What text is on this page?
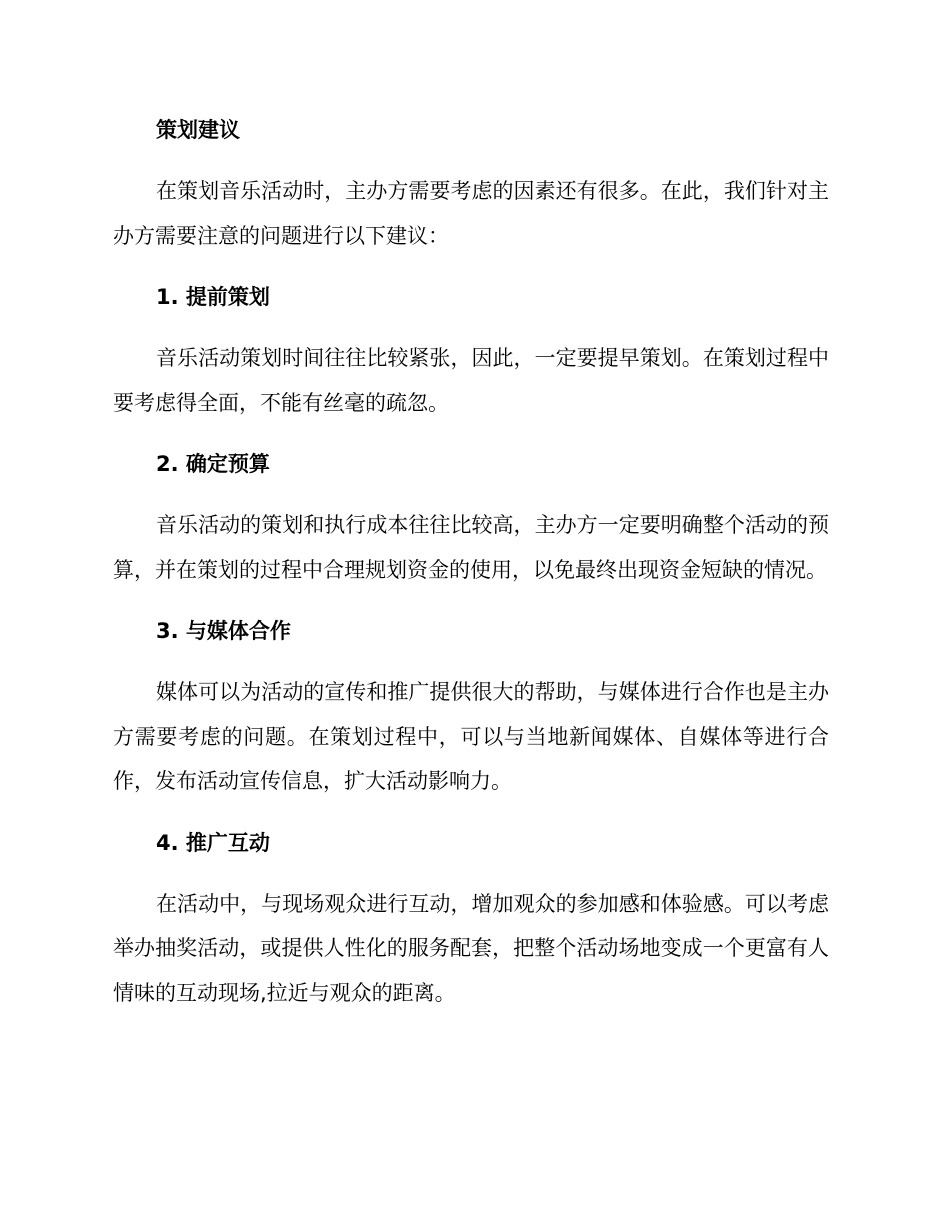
策划建议

在策划音乐活动时，主办方需要考虑的因素还有很多。在此，我们针对主办方需要注意的问题进行以下建议：

1. 提前策划

音乐活动策划时间往往比较紧张，因此，一定要提早策划。在策划过程中要考虑得全面，不能有丝毫的疏忽。

2. 确定预算

音乐活动的策划和执行成本往往比较高，主办方一定要明确整个活动的预算，并在策划的过程中合理规划资金的使用，以免最终出现资金短缺的情况。

3. 与媒体合作

媒体可以为活动的宣传和推广提供很大的帮助，与媒体进行合作也是主办方需要考虑的问题。在策划过程中，可以与当地新闻媒体、自媒体等进行合作，发布活动宣传信息，扩大活动影响力。

4. 推广互动

在活动中，与现场观众进行互动，增加观众的参加感和体验感。可以考虑举办抽奖活动，或提供人性化的服务配套，把整个活动场地变成一个更富有人情味的互动现场,拉近与观众的距离。
